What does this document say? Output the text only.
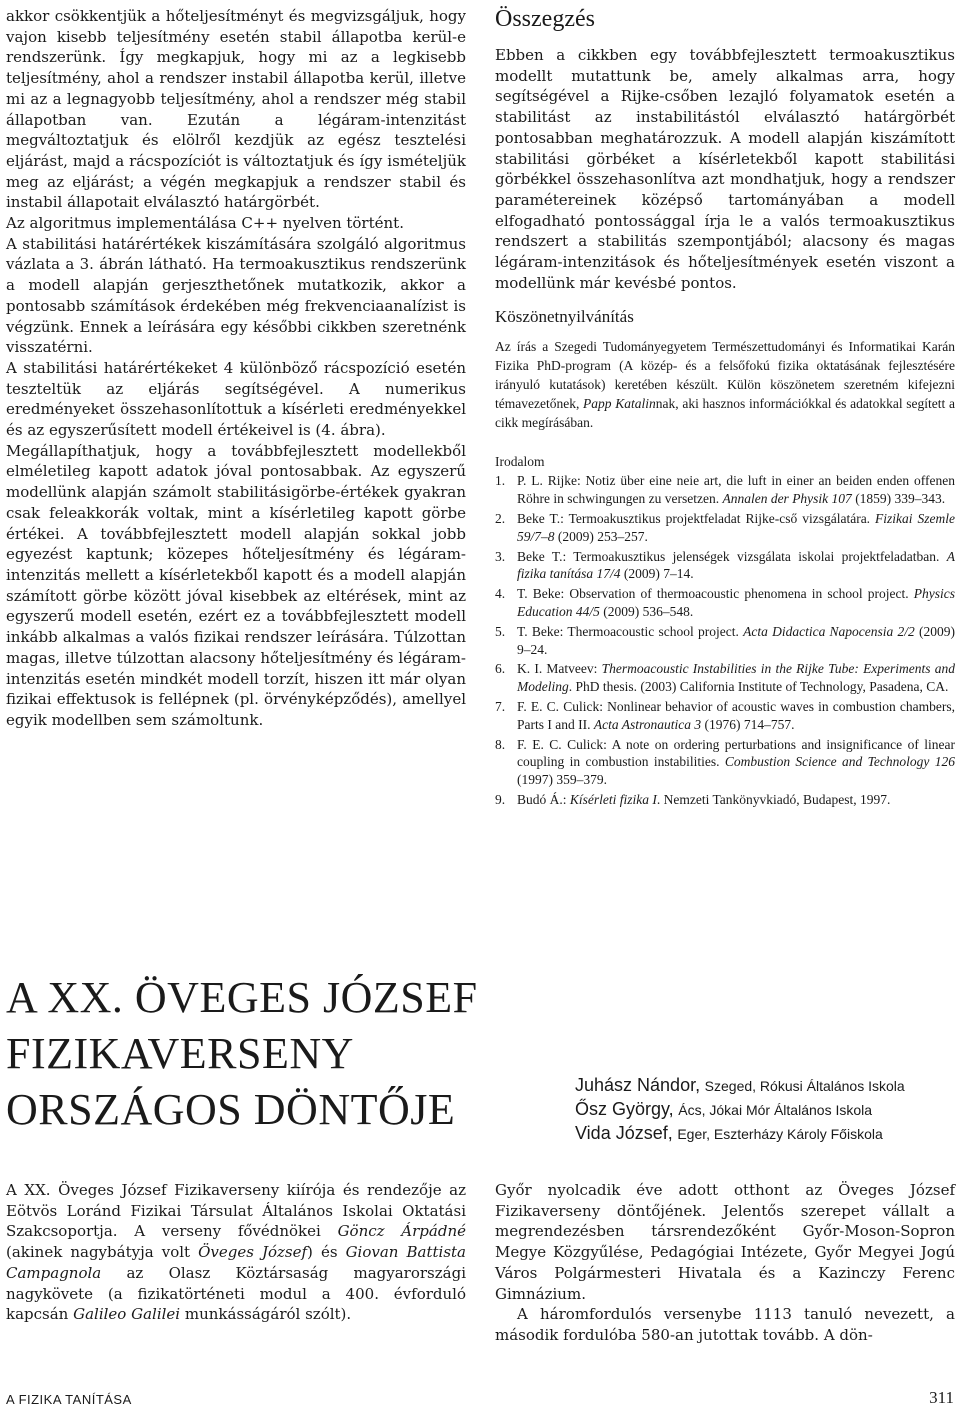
akkor csökkentjük a hőteljesítményt és megvizsgáljuk, hogy vajon kisebb teljesítmény esetén stabil állapotba kerül-e rendszerünk. Így megkapjuk, hogy mi az a legkisebb teljesítmény, ahol a rendszer instabil állapotba kerül, illetve mi az a legnagyobb teljesítmény, ahol a rendszer még stabil állapotban van. Ezután a légáram-intenzitást megváltoztatjuk és elölről kezdjük az egész tesztelési eljárást, majd a rácspozíciót is változtatjuk és így ismételjük meg az eljárást; a végén megkapjuk a rendszer stabil és instabil állapotait elválasztó határgörbét.

Az algoritmus implementálása C++ nyelven történt.

A stabilitási határértékek kiszámítására szolgáló algoritmus vázlata a 3. ábrán látható. Ha termoakusztikus rendszerünk a modell alapján gerjeszthetőnek mutatkozik, akkor a pontosabb számítások érdekében még frekvenciaanalízist is végzünk. Ennek a leírására egy későbbi cikkben szeretnénk visszatérni.

A stabilitási határértékeket 4 különböző rácspozíció esetén teszteltük az eljárás segítségével. A numerikus eredményeket összehasonlítottuk a kísérleti eredményekkel és az egyszerűsített modell értékeivel is (4. ábra).

Megállapíthatjuk, hogy a továbbfejlesztett modellekből elméletileg kapott adatok jóval pontosabbak. Az egyszerű modellünk alapján számolt stabilitásigörbe-értékek gyakran csak feleakkorák voltak, mint a kísérletileg kapott görbe értékei. A továbbfejlesztett modell alapján sokkal jobb egyezést kaptunk; közepes hőteljesítmény és légáram-intenzitás mellett a kísérletekből kapott és a modell alapján számított görbe között jóval kisebbek az eltérések, mint az egyszerű modell esetén, ezért ez a továbbfejlesztett modell inkább alkalmas a valós fizikai rendszer leírására. Túlzottan magas, illetve túlzottan alacsony hőteljesítmény és légáram-intenzitás esetén mindkét modell torzít, hiszen itt már olyan fizikai effektusok is fellépnek (pl. örvényképződés), amellyel egyik modellben sem számoltunk.

Összegzés

Ebben a cikkben egy továbbfejlesztett termoakusztikus modellt mutattunk be, amely alkalmas arra, hogy segítségével a Rijke-csőben lezajló folyamatok esetén a stabilitást az instabilitástól elválasztó határgörbét pontosabban meghatározzuk. A modell alapján kiszámított stabilitási görbéket a kísérletekből kapott stabilitási görbékkel összehasonlítva azt mondhatjuk, hogy a rendszer paramétereinek középső tartományában a modell elfogadható pontossággal írja le a valós termoakusztikus rendszert a stabilitás szempontjából; alacsony és magas légáram-intenzitások és hőteljesítmények esetén viszont a modellünk már kevésbé pontos.

Köszönetnyilvánítás

Az írás a Szegedi Tudományegyetem Természettudományi és Informatikai Karán Fizika PhD-program (A közép- és a felsőfokú fizika oktatásának fejlesztésére irányuló kutatások) keretében készült. Külön köszönetem szeretném kifejezni témavezetőnek, Papp Katalinnak, aki hasznos információkkal és adatokkal segített a cikk megírásában.

Irodalom
1. P. L. Rijke: Notiz über eine neie art, die luft in einer an beiden enden offenen Röhre in schwingungen zu versetzen. Annalen der Physik 107 (1859) 339–343.
2. Beke T.: Termoakusztikus projektfeladat Rijke-cső vizsgálatára. Fizikai Szemle 59/7–8 (2009) 253–257.
3. Beke T.: Termoakusztikus jelenségek vizsgálata iskolai projektfeladatban. A fizika tanítása 17/4 (2009) 7–14.
4. T. Beke: Observation of thermoacoustic phenomena in school project. Physics Education 44/5 (2009) 536–548.
5. T. Beke: Thermoacoustic school project. Acta Didactica Napocensia 2/2 (2009) 9–24.
6. K. I. Matveev: Thermoacoustic Instabilities in the Rijke Tube: Experiments and Modeling. PhD thesis. (2003) California Institute of Technology, Pasadena, CA.
7. F. E. C. Culick: Nonlinear behavior of acoustic waves in combustion chambers, Parts I and II. Acta Astronautica 3 (1976) 714–757.
8. F. E. C. Culick: A note on ordering perturbations and insignificance of linear coupling in combustion instabilities. Combustion Science and Technology 126 (1997) 359–379.
9. Budó Á.: Kísérleti fizika I. Nemzeti Tankönyvkiadó, Budapest, 1997.
A XX. ÖVEGES JÓZSEF FIZIKAVERSENY
ORSZÁGOS DÖNTŐJE	Juhász Nándor, Szeged, Rókusi Általános Iskola
Ősz György, Ács, Jókai Mór Általános Iskola
Vida József, Eger, Eszterházy Károly Főiskola

A XX. Öveges József Fizikaverseny kiírója és rendezője az Eötvös Loránd Fizikai Társulat Általános Iskolai Oktatási Szakcsoportja. A verseny fővédnökei Göncz Árpádné (akinek nagybátyja volt Öveges József) és Giovan Battista Campagnola az Olasz Köztársaság magyarországi nagykövete (a fizikatörténeti modul a 400. évforduló kapcsán Galileo Galilei munkásságáról szólt).

Győr nyolcadik éve adott otthont az Öveges József Fizikaverseny döntőjének. Jelentős szerepet vállalt a megrendezésben társrendezőként Győr-Moson-Sopron Megye Közgyűlése, Pedagógiai Intézete, Győr Megyei Jogú Város Polgármesteri Hivatala és a Kazinczy Ferenc Gimnázium.

A háromfordulós versenybe 1113 tanuló nevezett, a második fordulóba 580-an jutottak tovább. A dön-

A FIZIKA TANÍTÁSA	311
